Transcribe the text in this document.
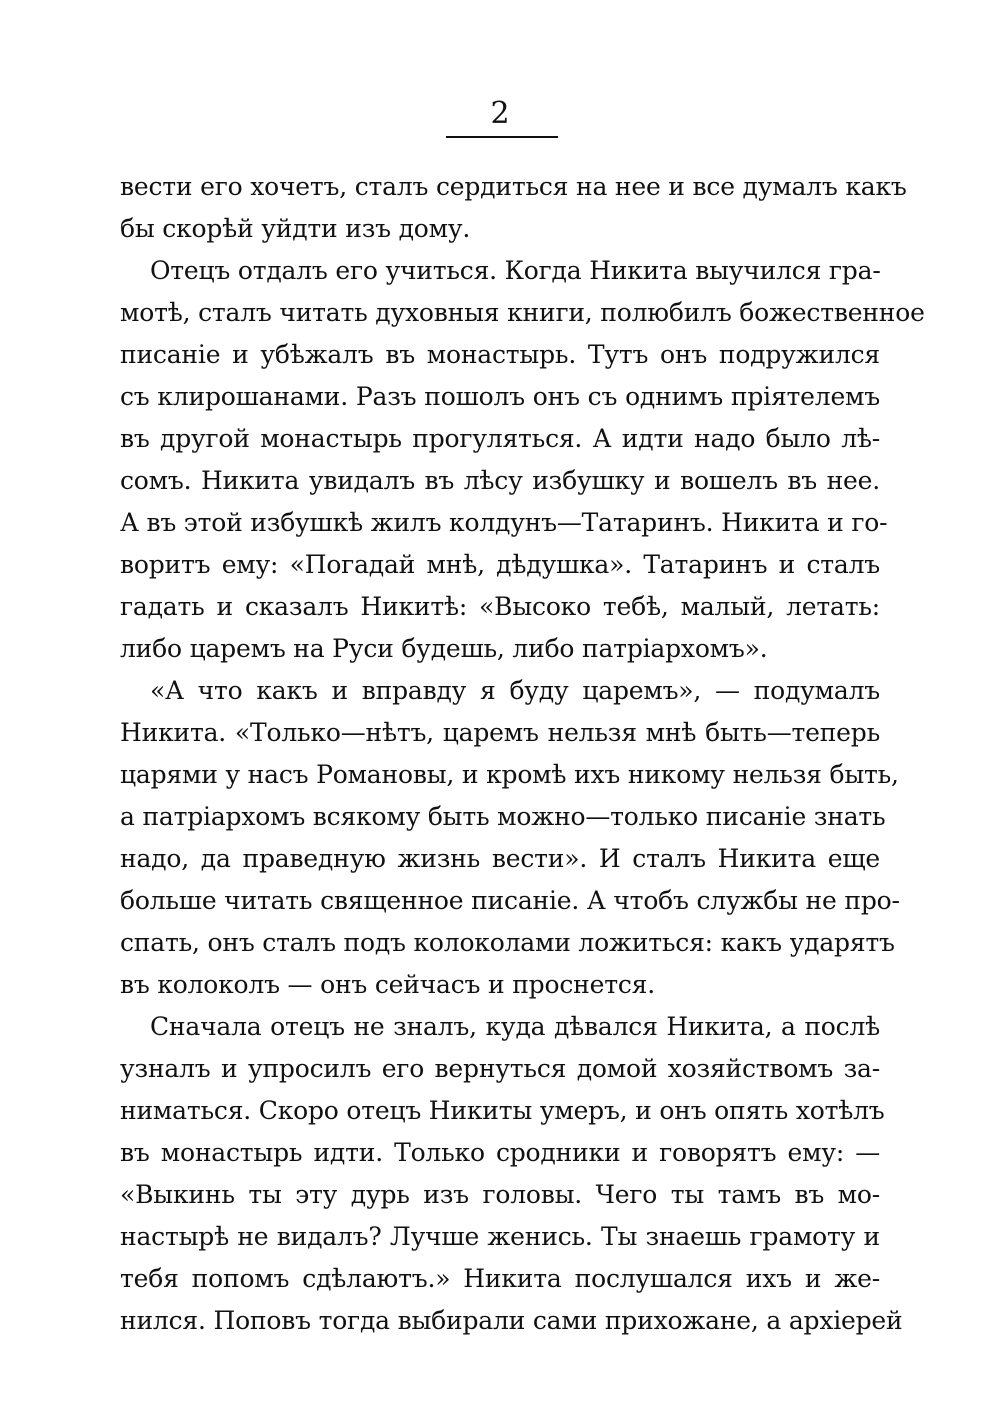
2
вести его хочетъ, сталъ сердиться на нее и все думалъ какъ
бы скорѣй уйдти изъ дому.
Отецъ отдалъ его учиться. Когда Никита выучился гра-
мотѣ, сталъ читать духовныя книги, полюбилъ божественное
писаніе и убѣжалъ въ монастырь. Тутъ онъ подружился
съ клирошанами. Разъ пошолъ онъ съ однимъ пріятелемъ
въ другой монастырь прогуляться. А идти надо было лѣ-
сомъ. Никита увидалъ въ лѣсу избушку и вошелъ въ нее.
А въ этой избушкѣ жилъ колдунъ—Татаринъ. Никита и го-
воритъ ему: «Погадай мнѣ, дѣдушка». Татаринъ и сталъ
гадать и сказалъ Никитѣ: «Высоко тебѣ, малый, летать:
либо царемъ на Руси будешь, либо патріархомъ».
«А что какъ и вправду я буду царемъ», — подумалъ
Никита. «Только—нѣтъ, царемъ нельзя мнѣ быть—теперь
царями у насъ Романовы, и кромѣ ихъ никому нельзя быть,
а патріархомъ всякому быть можно—только писаніе знать
надо, да праведную жизнь вести». И сталъ Никита еще
больше читать священное писаніе. А чтобъ службы не про-
спать, онъ сталъ подъ колоколами ложиться: какъ ударятъ
въ колоколъ — онъ сейчасъ и проснется.
Сначала отецъ не зналъ, куда дѣвался Никита, а послѣ
узналъ и упросилъ его вернуться домой хозяйствомъ за-
ниматься. Скоро отецъ Никиты умеръ, и онъ опять хотѣлъ
въ монастырь идти. Только сродники и говорятъ ему: —
«Выкинь ты эту дурь изъ головы. Чего ты тамъ въ мо-
настырѣ не видалъ? Лучше женись. Ты знаешь грамоту и
тебя попомъ сдѣлаютъ.» Никита послушался ихъ и же-
нился. Поповъ тогда выбирали сами прихожане, а архіерей
